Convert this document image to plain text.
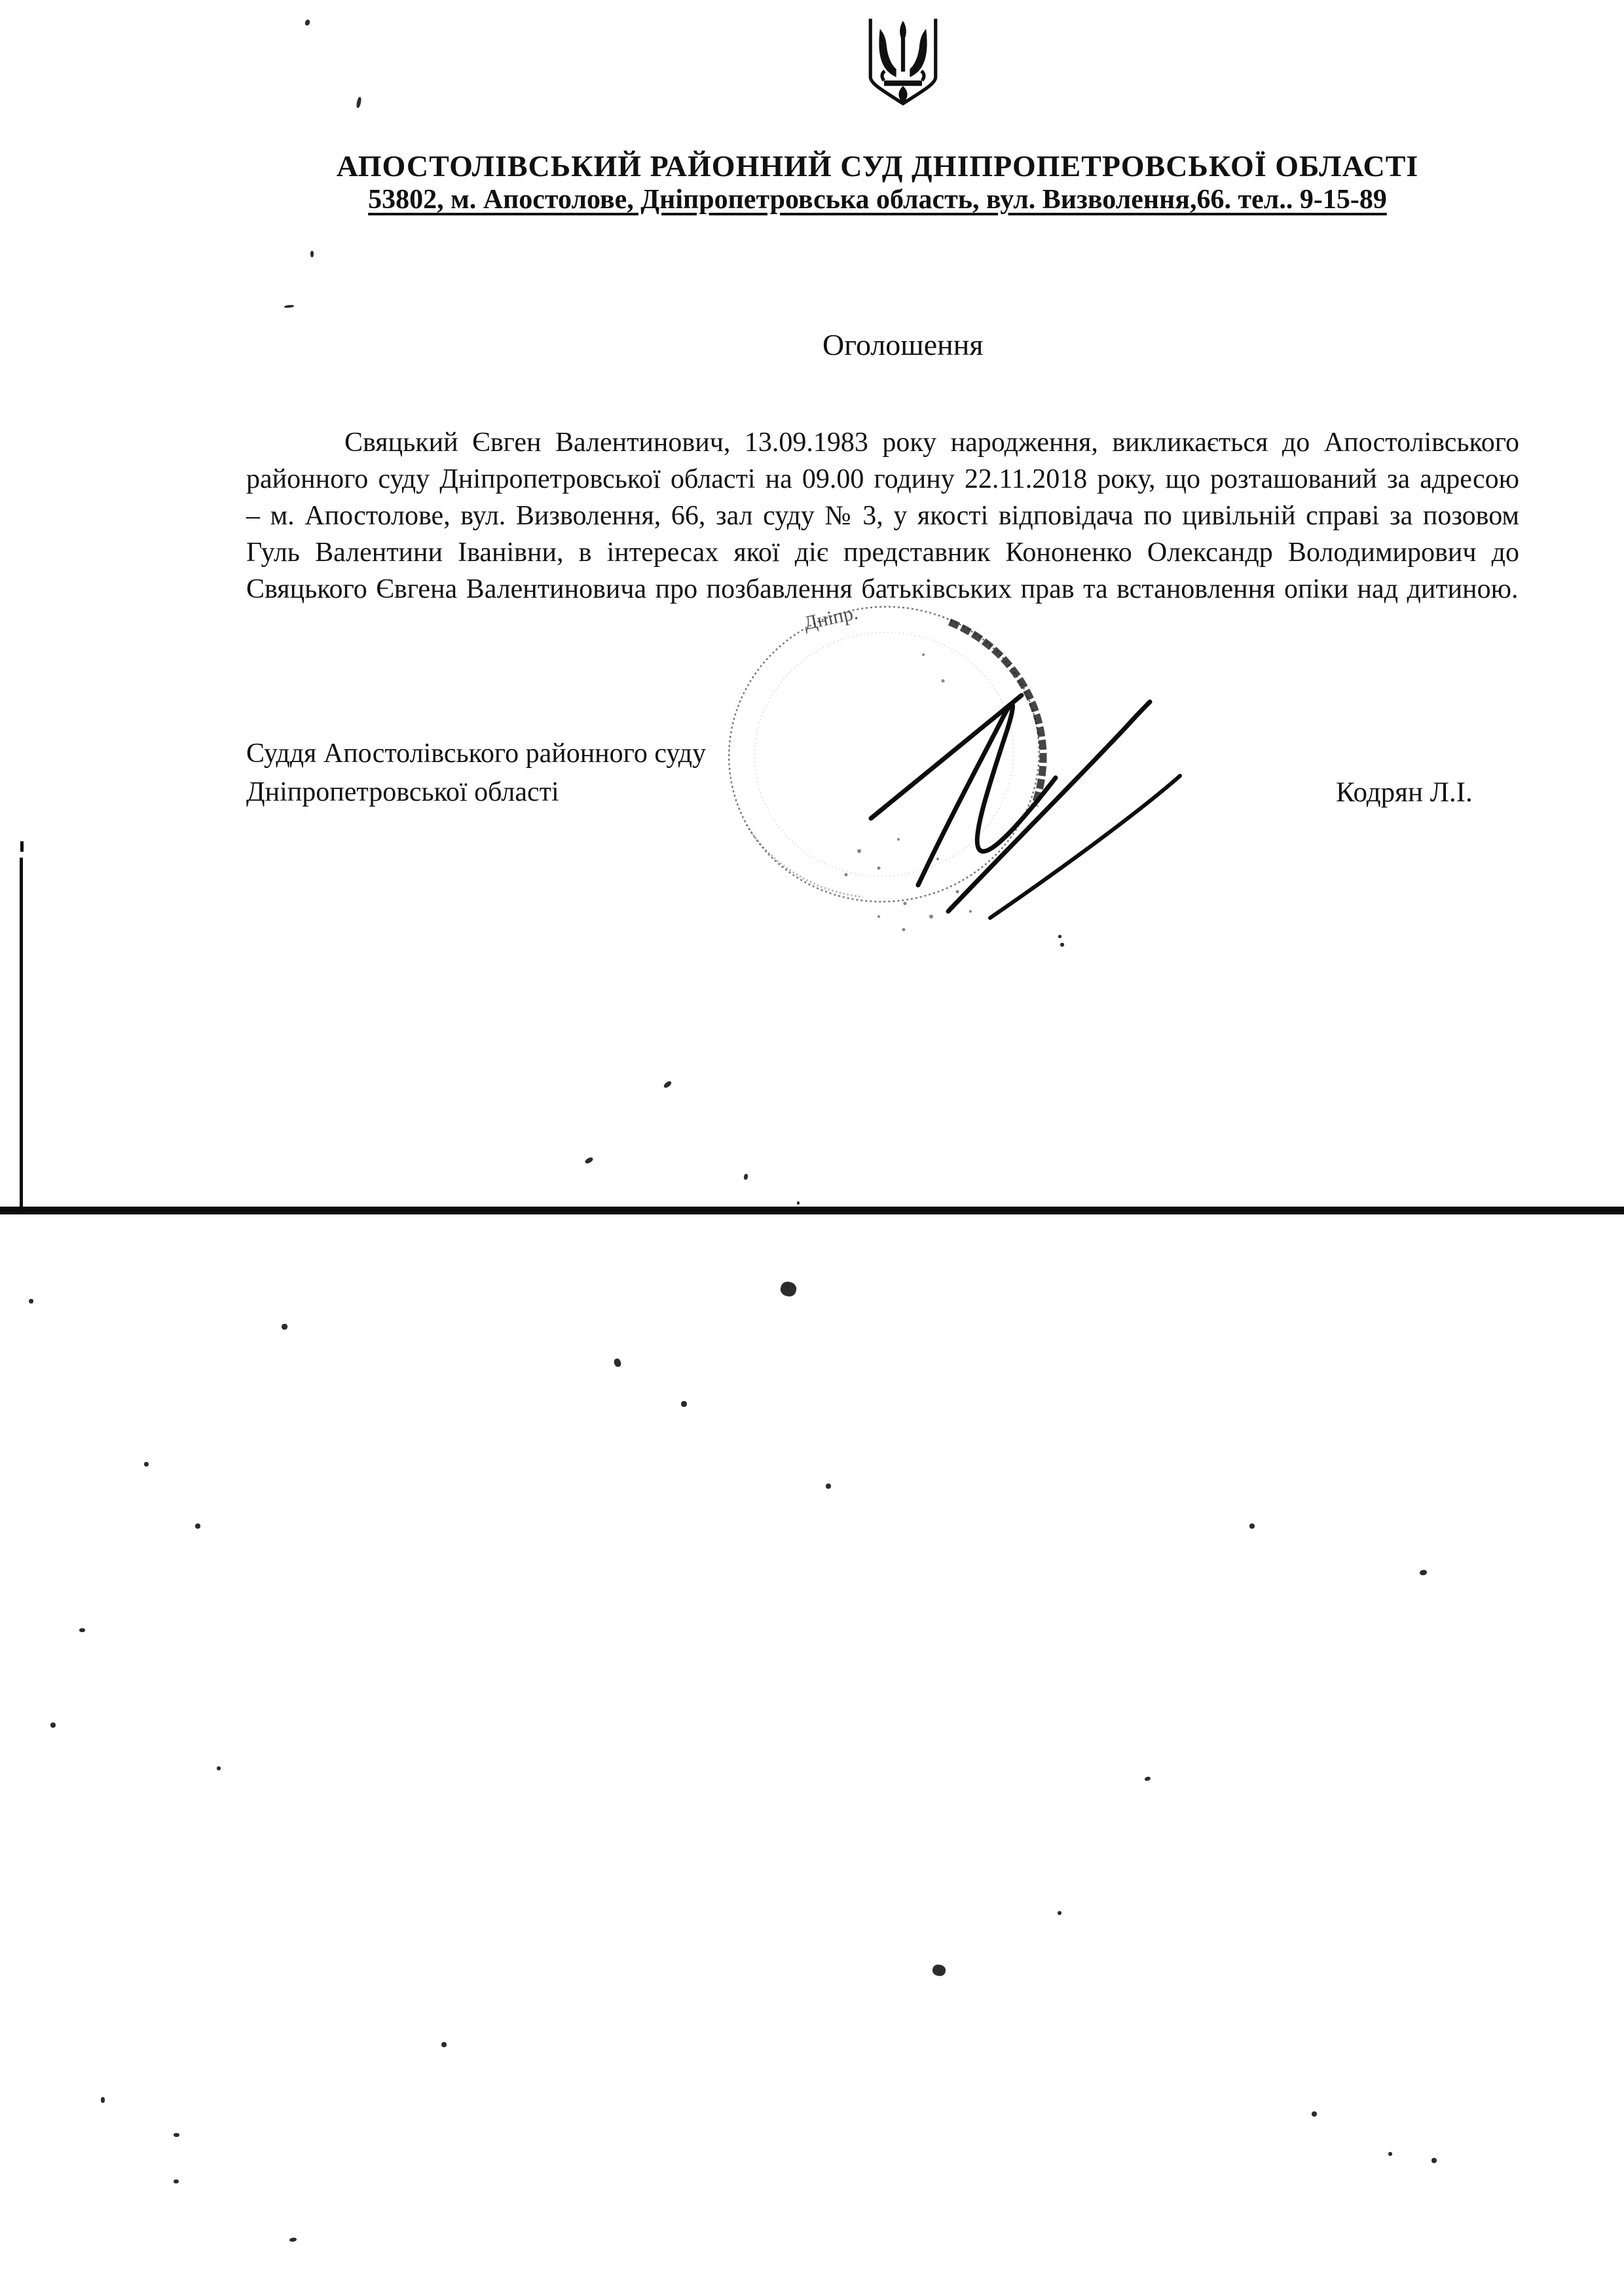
АПОСТОЛІВСЬКИЙ РАЙОННИЙ СУД ДНІПРОПЕТРОВСЬКОЇ ОБЛАСТІ
53802, м. Апостолове, Дніпропетровська область, вул. Визволення,66. тел.. 9-15-89
Оголошення
Свяцький Євген Валентинович, 13.09.1983 року народження, викликається до Апостолівського районного суду Дніпропетровської області на 09.00 годину 22.11.2018 року, що розташований за адресою – м. Апостолове, вул. Визволення, 66, зал суду № 3, у якості відповідача по цивільній справі за позовом Гуль Валентини Іванівни, в інтересах якої діє представник Кононенко Олександр Володимирович до Свяцького Євгена Валентиновича про позбавлення батьківських прав та встановлення опіки над дитиною.
Суддя Апостолівського районного суду
Дніпропетровської області	Кодрян Л.І.
Дніпр.
